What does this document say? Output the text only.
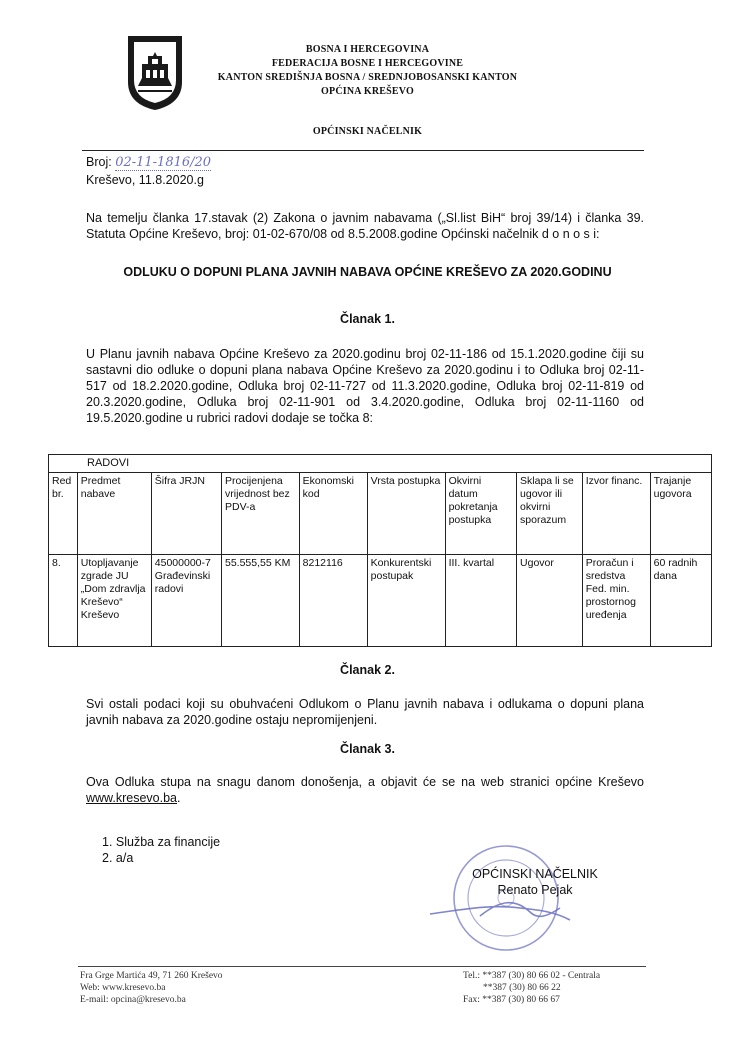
BOSNA I HERCEGOVINA
FEDERACIJA BOSNE I HERCEGOVINE
KANTON SREDIŠNJA BOSNA / SREDNJOBOSANSKI KANTON
OPĆINA KREŠEVO
OPĆINSKI NAČELNIK
Broj: 02-11-1816/20
Kreševo, 11.8.2020.g
Na temelju članka 17.stavak (2) Zakona o javnim nabavama („Sl.list BiH“ broj 39/14) i članka 39. Statuta Općine Kreševo, broj: 01-02-670/08 od 8.5.2008.godine Općinski načelnik d o n o s i:
ODLUKU O DOPUNI PLANA JAVNIH NABAVA OPĆINE KREŠEVO ZA 2020.GODINU
Članak 1.
U Planu javnih nabava Općine Kreševo za 2020.godinu broj 02-11-186 od 15.1.2020.godine čiji su sastavni dio odluke o dopuni plana nabava Općine Kreševo za 2020.godinu i to Odluka broj 02-11-517 od 18.2.2020.godine, Odluka broj 02-11-727 od 11.3.2020.godine, Odluka broj 02-11-819 od 20.3.2020.godine, Odluka broj 02-11-901 od 3.4.2020.godine, Odluka broj 02-11-1160 od 19.5.2020.godine u rubrici radovi dodaje se točka 8:
RADOVI									
Red br.	Predmet nabave	Šifra JRJN	Procijenjena vrijednost bez PDV-a	Ekonomski kod	Vrsta postupka	Okvirni datum pokretanja postupka	Sklapa li se ugovor ili okvirni sporazum	Izvor financ.	Trajanje ugovora
8.	Utopljavanje zgrade JU „Dom zdravlja Kreševo“ Kreševo	45000000-7 Građevinski radovi	55.555,55 KM	8212116	Konkurentski postupak	III. kvartal	Ugovor	Proračun i sredstva Fed. min. prostornog uređenja	60 radnih dana
Članak 2.
Svi ostali podaci koji su obuhvaćeni Odlukom o Planu javnih nabava i odlukama o dopuni plana javnih nabava za 2020.godine ostaju nepromijenjeni.
Članak 3.
Ova Odluka stupa na snagu danom donošenja, a objavit će se na web stranici općine Kreševo www.kresevo.ba.
1. Služba za financije
2. a/a
OPĆINSKI NAČELNIK
Renato Pejak
Fra Grge Martića 49, 71 260 Kreševo
Web: www.kresevo.ba
E-mail: opcina@kresevo.ba
Tel.: **387 (30) 80 66 02 - Centrala
**387 (30) 80 66 22
Fax: **387 (30) 80 66 67
